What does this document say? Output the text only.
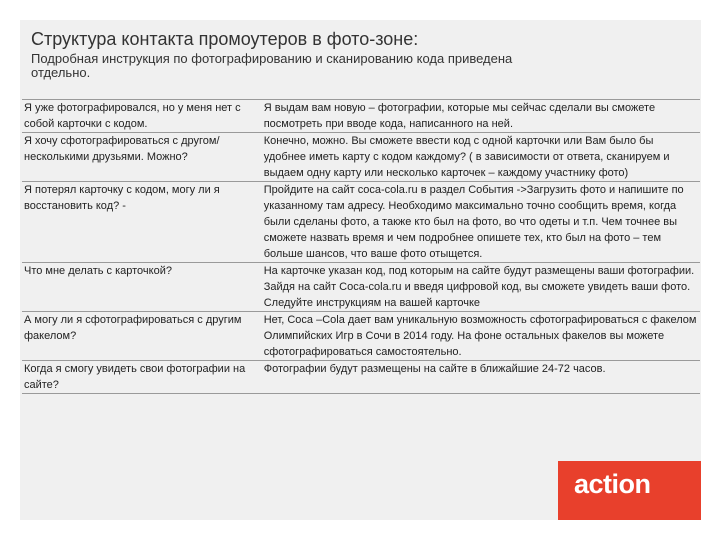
Структура контакта промоутеров в фото-зоне:

Подробная инструкция по фотографированию и сканированию кода приведена отдельно.

Я уже фотографировался, но у меня нет с собой карточки с кодом.	Я выдам вам новую – фотографии, которые мы сейчас сделали вы сможете посмотреть при вводе кода, написанного на ней.
Я хочу сфотографироваться с другом/несколькими друзьями. Можно?	Конечно, можно. Вы сможете ввести код с одной карточки или Вам было бы удобнее иметь карту с кодом каждому? ( в зависимости от ответа, сканируем и выдаем одну карту или несколько карточек – каждому участнику фото)
Я потерял карточку с кодом, могу ли я восстановить код? -	Пройдите на сайт coca-cola.ru в раздел События ->Загрузить фото и напишите по указанному там адресу. Необходимо максимально точно сообщить время, когда были сделаны фото, а также кто был на фото, во что одеты и т.п. Чем точнее вы сможете назвать время и чем подробнее опишете тех, кто был на фото – тем больше шансов, что ваше фото отыщется.
Что мне делать с карточкой?	На карточке указан код, под которым на сайте будут размещены ваши фотографии. Зайдя на сайт Coca-cola.ru и введя цифровой код, вы сможете увидеть ваши фото. Следуйте инструкциям на вашей карточке
А могу ли я сфотографироваться с другим факелом?	Нет, Coca –Cola дает вам уникальную возможность сфотографироваться с факелом Олимпийских Игр в Сочи в 2014 году. На фоне остальных факелов вы можете сфотографироваться самостоятельно.
Когда я смогу увидеть свои фотографии на сайте?	Фотографии будут размещены на сайте в ближайшие 24-72 часов.
action
